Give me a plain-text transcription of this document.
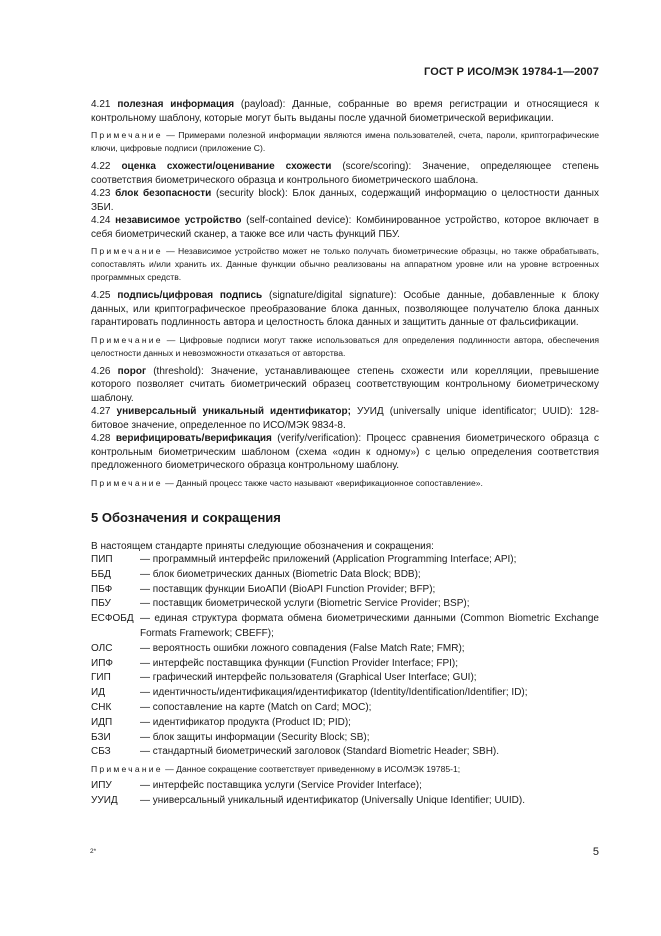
ГОСТ Р ИСО/МЭК 19784-1—2007

4.21 полезная информация (payload): Данные, собранные во время регистрации и относящиеся к контрольному шаблону, которые могут быть выданы после удачной биометрической верификации.

Примечание — Примерами полезной информации являются имена пользователей, счета, пароли, криптографические ключи, цифровые подписи (приложение С).

4.22 оценка схожести/оценивание схожести (score/scoring): Значение, определяющее степень соответствия биометрического образца и контрольного биометрического шаблона.

4.23 блок безопасности (security block): Блок данных, содержащий информацию о целостности данных ЗБИ.

4.24 независимое устройство (self-contained device): Комбинированное устройство, которое включает в себя биометрический сканер, а также все или часть функций ПБУ.

Примечание — Независимое устройство может не только получать биометрические образцы, но также обрабатывать, сопоставлять и/или хранить их. Данные функции обычно реализованы на аппаратном уровне или на уровне встроенных программных средств.

4.25 подпись/цифровая подпись (signature/digital signature): Особые данные, добавленные к блоку данных, или криптографическое преобразование блока данных, позволяющее получателю блока данных гарантировать подлинность автора и целостность блока данных и защитить данные от фальсификации.

Примечание — Цифровые подписи могут также использоваться для определения подлинности автора, обеспечения целостности данных и невозможности отказаться от авторства.

4.26 порог (threshold): Значение, устанавливающее степень схожести или корелляции, превышение которого позволяет считать биометрический образец соответствующим контрольному биометрическому шаблону.

4.27 универсальный уникальный идентификатор; УУИД (universally unique identificator; UUID): 128-битовое значение, определенное по ИСО/МЭК 9834-8.

4.28 верифицировать/верификация (verify/verification): Процесс сравнения биометрического образца с контрольным биометрическим шаблоном (схема «один к одному») с целью определения соответствия предложенного биометрического образца контрольному шаблону.

Примечание — Данный процесс также часто называют «верификационное сопоставление».

5 Обозначения и сокращения

В настоящем стандарте приняты следующие обозначения и сокращения:

ПИП	— программный интерфейс приложений (Application Programming Interface; API);
ББД	— блок биометрических данных (Biometric Data Block; BDB);
ПБФ	— поставщик функции БиоАПИ (BioAPI Function Provider; BFP);
ПБУ	— поставщик биометрической услуги (Biometric Service Provider; BSP);
ЕСФОБД — единая структура формата обмена биометрическими данными (Common Biometric Exchange Formats Framework; CBEFF);
ОЛС	— вероятность ошибки ложного совпадения (False Match Rate; FMR);
ИПФ	— интерфейс поставщика функции (Function Provider Interface; FPI);
ГИП	— графический интерфейс пользователя (Graphical User Interface; GUI);
ИД	— идентичность/идентификация/идентификатор (Identity/Identification/Identifier; ID);
СНК	— сопоставление на карте (Match on Card; MOC);
ИДП	— идентификатор продукта (Product ID; PID);
БЗИ	— блок защиты информации (Security Block; SB);
СБЗ	— стандартный биометрический заголовок (Standard Biometric Header; SBH).

Примечание — Данное сокращение соответствует приведенному в ИСО/МЭК 19785-1;

ИПУ	— интерфейс поставщика услуги (Service Provider Interface);
УУИД	— универсальный уникальный идентификатор (Universally Unique Identifier; UUID).
2*	5
